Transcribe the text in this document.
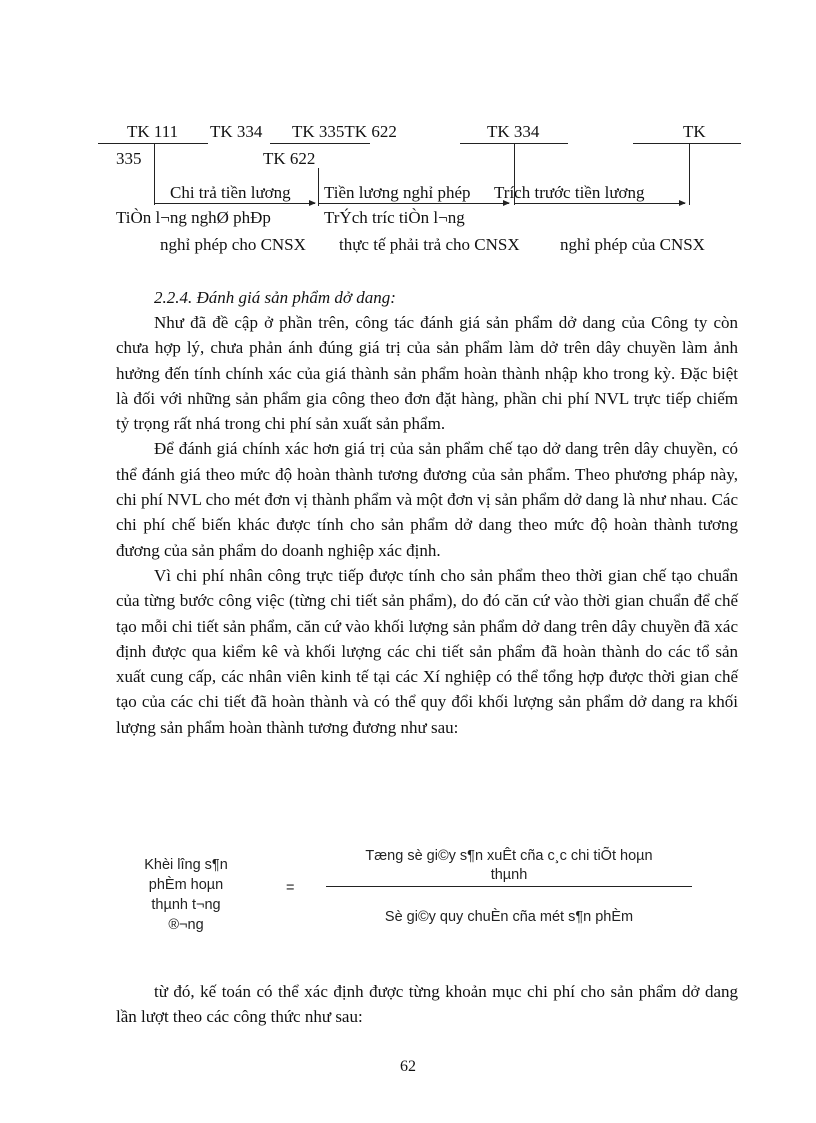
TK 111 TK 334 TK 335TK 622	TK 334	TK
335	TK 622
Chi trả tiền lương Tiền lương nghỉ phép Trích trước tiền lương
TiÒn l¬ng nghØ phÐp	TrÝch tríc tiÒn l¬ng
nghỉ phép cho CNSX thực tế phải trả cho CNSX nghỉ phép của CNSX
2.2.4. Đánh giá sản phẩm dở dang:

Như đã đề cập ở phần trên, công tác đánh giá sản phẩm dở dang của Công ty còn chưa hợp lý, chưa phản ánh đúng giá trị của sản phẩm làm dở trên dây chuyền làm ảnh hưởng đến tính chính xác của giá thành sản phẩm hoàn thành nhập kho trong kỳ. Đặc biệt là đối với những sản phẩm gia công theo đơn đặt hàng, phần chi phí NVL trực tiếp chiếm tỷ trọng rất nhá trong chi phí sản xuất sản phẩm.

Để đánh giá chính xác hơn giá trị của sản phẩm chế tạo dở dang trên dây chuyền, có thể đánh giá theo mức độ hoàn thành tương đương của sản phẩm. Theo phương pháp này, chi phí NVL cho mét đơn vị thành phẩm và một đơn vị sản phẩm dở dang là như nhau. Các chi phí chế biến khác được tính cho sản phẩm dở dang theo mức độ hoàn thành tương đương của sản phẩm do doanh nghiệp xác định.

Vì chi phí nhân công trực tiếp được tính cho sản phẩm theo thời gian chế tạo chuẩn của từng bước công việc (từng chi tiết sản phẩm), do đó căn cứ vào thời gian chuẩn để chế tạo mỗi chi tiết sản phẩm, căn cứ vào khối lượng sản phẩm dở dang trên dây chuyền đã xác định được qua kiểm kê và khối lượng các chi tiết sản phẩm đã hoàn thành do các tổ sản xuất cung cấp, các nhân viên kinh tế tại các Xí nghiệp có thể tổng hợp được thời gian chế tạo của các chi tiết đã hoàn thành và có thể quy đổi khối lượng sản phẩm dở dang ra khối lượng sản phẩm hoàn thành tương đương như sau:

Khèi lîng s¶n
phÈm hoµn
thµnh t¬ng
®¬ng
=
Tæng sè gi©y s¶n xuÊt cña c¸c chi tiÕt hoµn
thµnh
Sè gi©y quy chuÈn cña mét s¶n phÈm

từ đó, kế toán có thể xác định được từng khoản mục chi phí cho sản phẩm dở dang lần lượt theo các công thức như sau:

62
